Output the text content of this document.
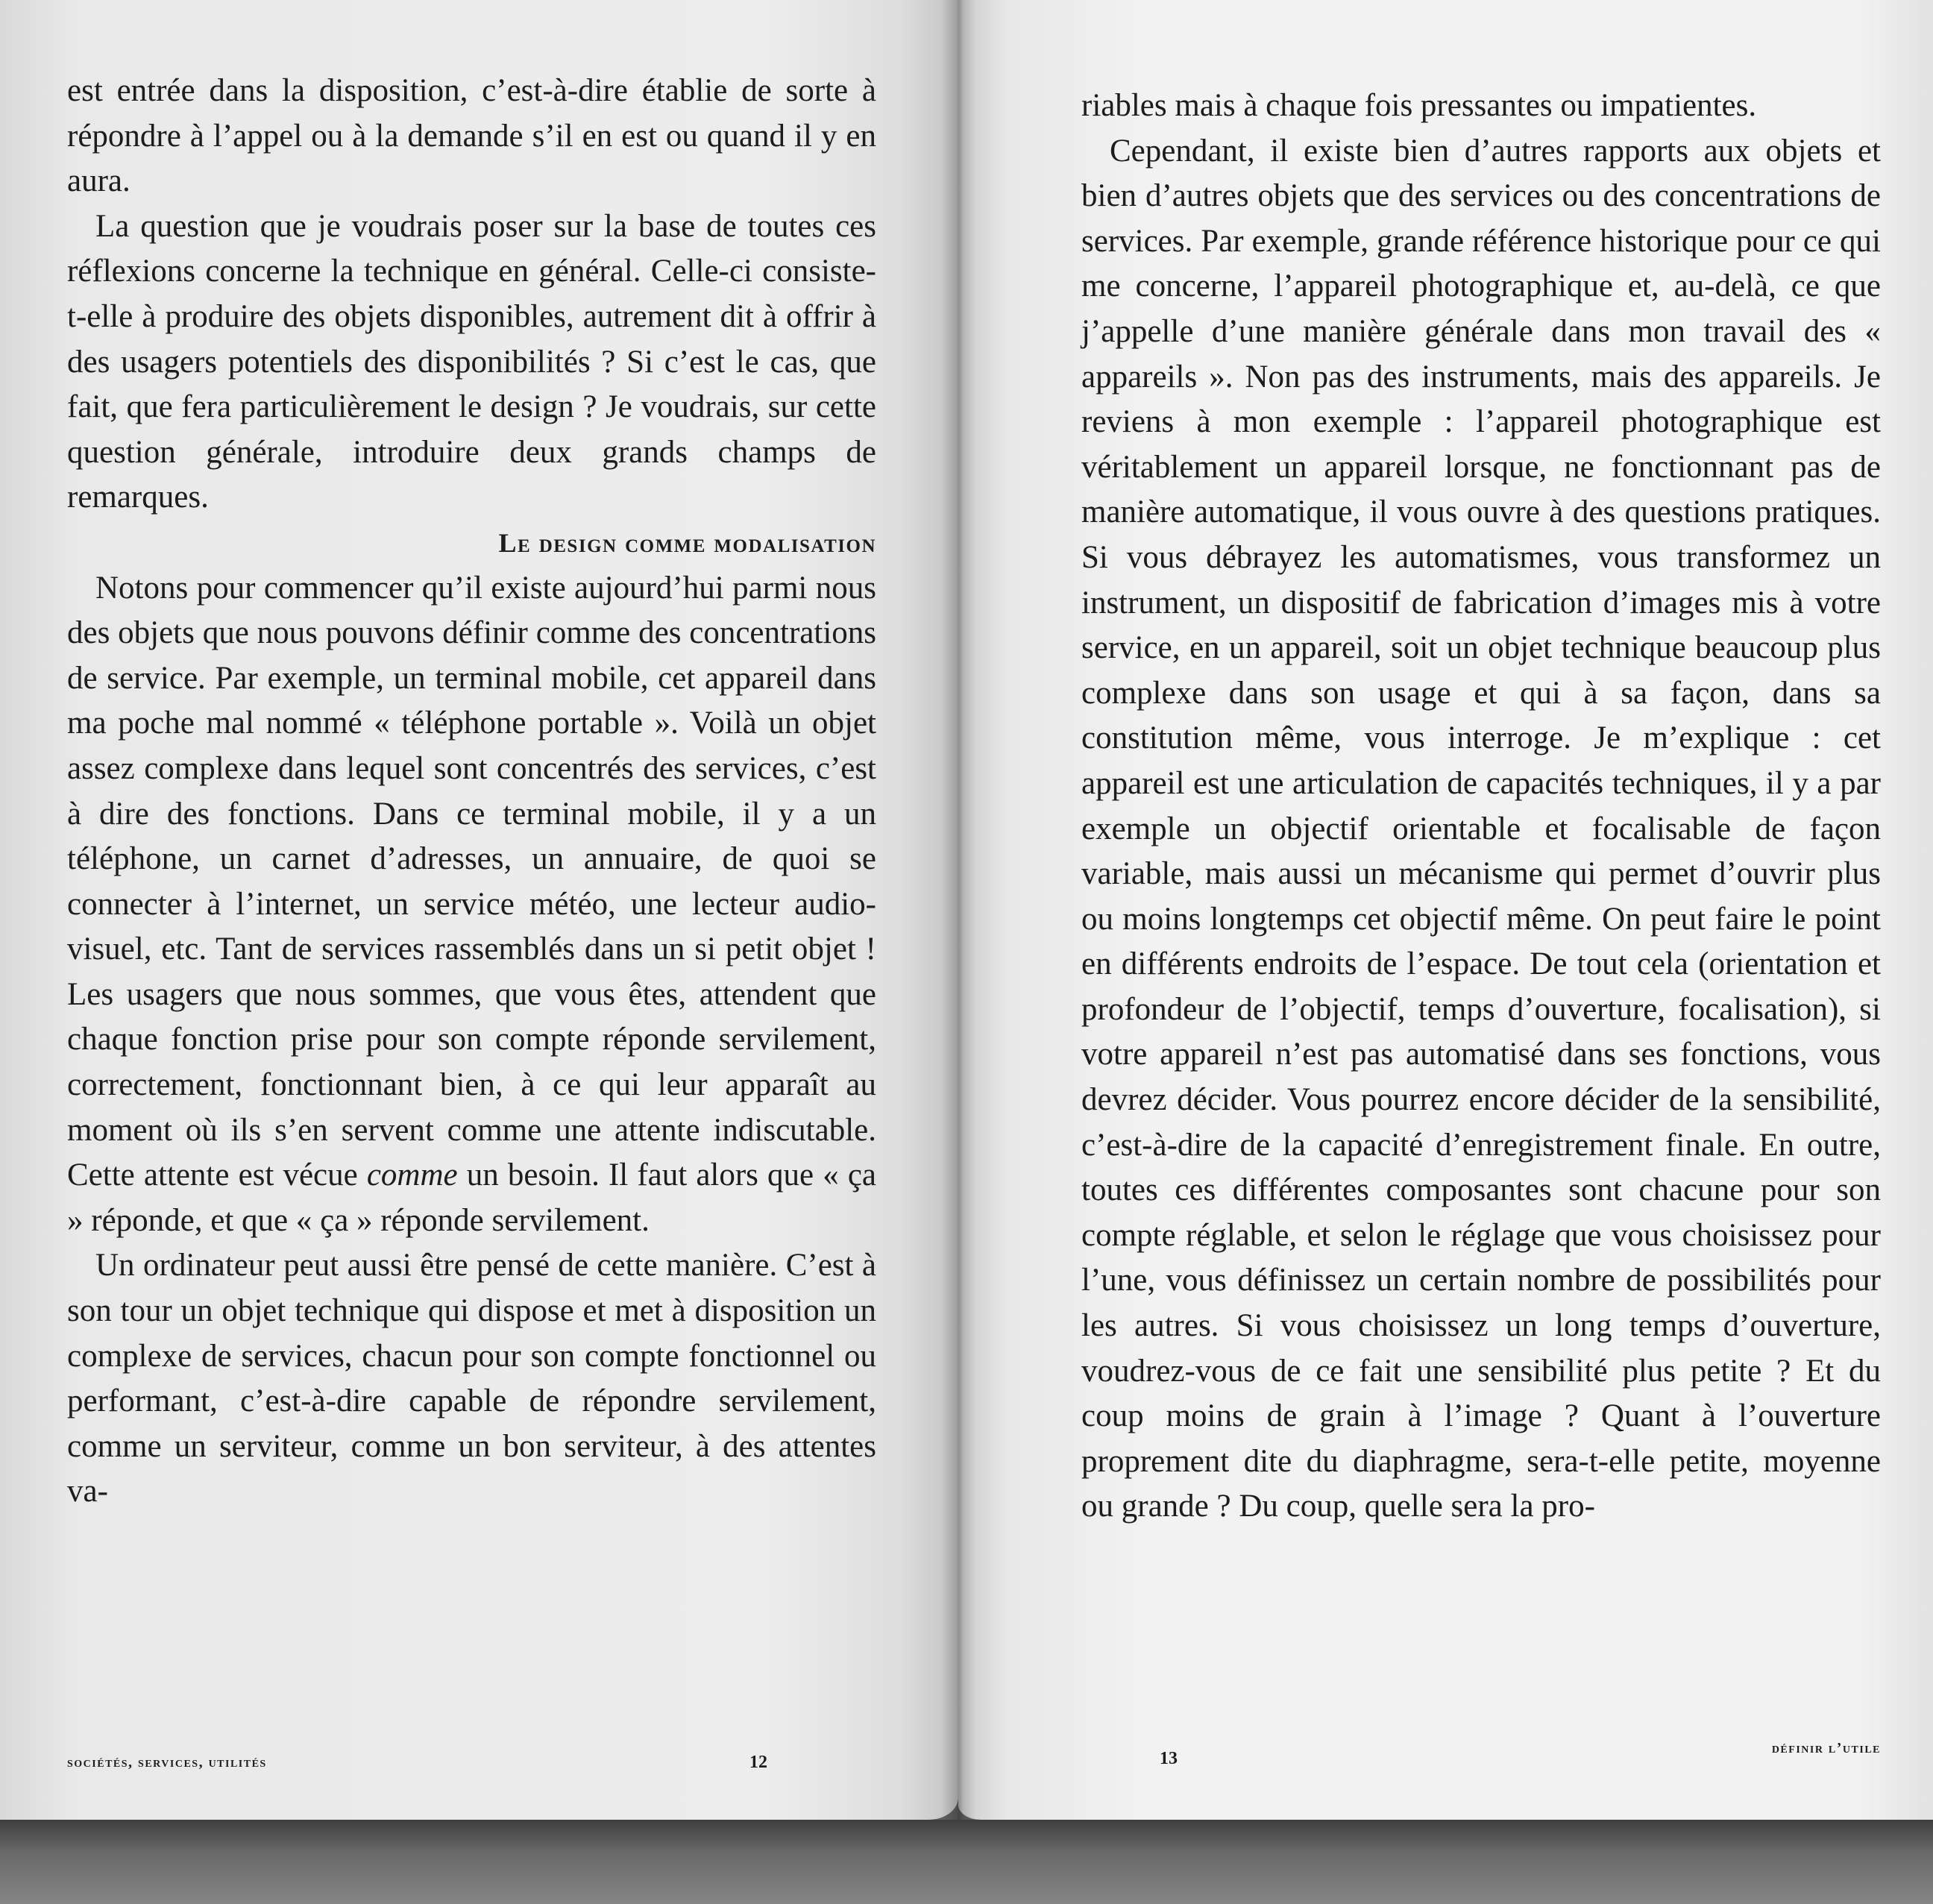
est entrée dans la disposition, c’est-à-dire établie de sorte à répondre à l’appel ou à la demande s’il en est ou quand il y en aura.

La question que je voudrais poser sur la base de toutes ces réflexions concerne la technique en général. Celle-ci consiste-t-elle à produire des objets disponibles, autrement dit à offrir à des usagers potentiels des disponibilités ? Si c’est le cas, que fait, que fera particulièrement le design ? Je voudrais, sur cette question générale, introduire deux grands champs de remarques.

Le design comme modalisation

Notons pour commencer qu’il existe aujourd’hui parmi nous des objets que nous pouvons définir comme des concentrations de service. Par exemple, un terminal mobile, cet appareil dans ma poche mal nommé « téléphone portable ». Voilà un objet assez complexe dans lequel sont concentrés des services, c’est à dire des fonctions. Dans ce terminal mobile, il y a un téléphone, un carnet d’adresses, un annuaire, de quoi se connecter à l’internet, un service météo, une lecteur audio-visuel, etc. Tant de services rassemblés dans un si petit objet ! Les usagers que nous sommes, que vous êtes, attendent que chaque fonction prise pour son compte réponde servilement, correctement, fonctionnant bien, à ce qui leur apparaît au moment où ils s’en servent comme une attente indiscutable. Cette attente est vécue comme un besoin. Il faut alors que « ça » réponde, et que « ça » réponde servilement.

Un ordinateur peut aussi être pensé de cette manière. C’est à son tour un objet technique qui dispose et met à disposition un complexe de services, chacun pour son compte fonctionnel ou performant, c’est-à-dire capable de répondre servilement, comme un serviteur, comme un bon serviteur, à des attentes va-

sociétés, services, utilités	12

riables mais à chaque fois pressantes ou impatientes.

Cependant, il existe bien d’autres rapports aux objets et bien d’autres objets que des services ou des concentrations de services. Par exemple, grande référence historique pour ce qui me concerne, l’appareil photographique et, au-delà, ce que j’appelle d’une manière générale dans mon travail des « appareils ». Non pas des instruments, mais des appareils. Je reviens à mon exemple : l’appareil photographique est véritablement un appareil lorsque, ne fonctionnant pas de manière automatique, il vous ouvre à des questions pratiques. Si vous débrayez les automatismes, vous transformez un instrument, un dispositif de fabrication d’images mis à votre service, en un appareil, soit un objet technique beaucoup plus complexe dans son usage et qui à sa façon, dans sa constitution même, vous interroge. Je m’explique : cet appareil est une articulation de capacités techniques, il y a par exemple un objectif orientable et focalisable de façon variable, mais aussi un mécanisme qui permet d’ouvrir plus ou moins longtemps cet objectif même. On peut faire le point en différents endroits de l’espace. De tout cela (orientation et profondeur de l’objectif, temps d’ouverture, focalisation), si votre appareil n’est pas automatisé dans ses fonctions, vous devrez décider. Vous pourrez encore décider de la sensibilité, c’est-à-dire de la capacité d’enregistrement finale. En outre, toutes ces différentes composantes sont chacune pour son compte réglable, et selon le réglage que vous choisissez pour l’une, vous définissez un certain nombre de possibilités pour les autres. Si vous choisissez un long temps d’ouverture, voudrez-vous de ce fait une sensibilité plus petite ? Et du coup moins de grain à l’image ? Quant à l’ouverture proprement dite du diaphragme, sera-t-elle petite, moyenne ou grande ? Du coup, quelle sera la pro-

13
définir l’utile
